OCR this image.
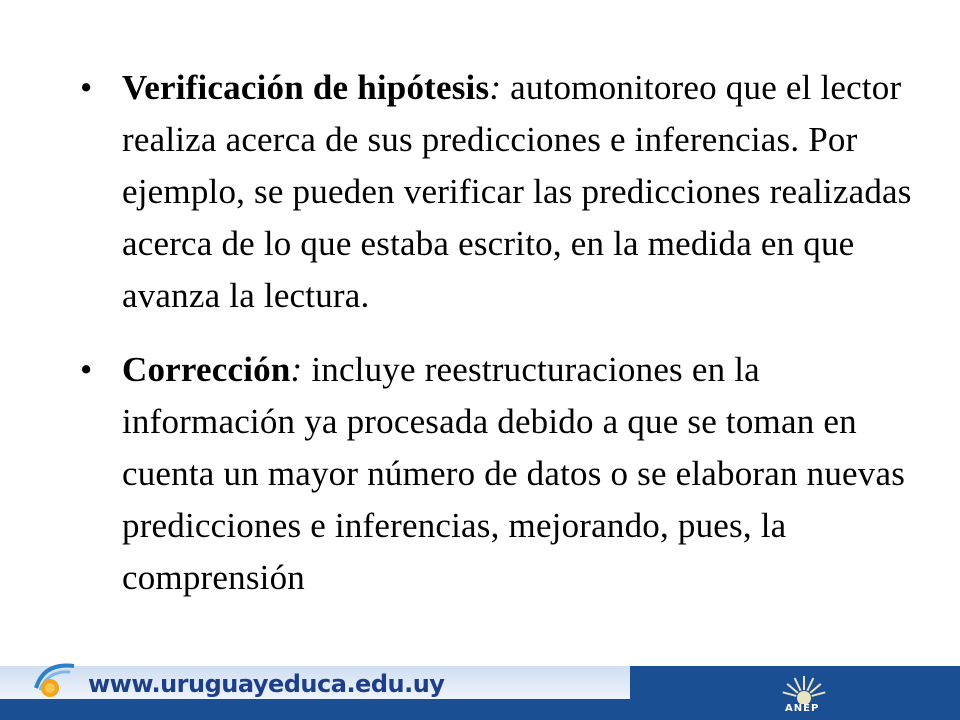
• Verificación de hipótesis: automonitoreo que el lector realiza acerca de sus predicciones e inferencias. Por ejemplo, se pueden verificar las predicciones realizadas acerca de lo que estaba escrito, en la medida en que avanza la lectura.
• Corrección: incluye reestructuraciones en la información ya procesada debido a que se toman en cuenta un mayor número de datos o se elaboran nuevas predicciones e inferencias, mejorando, pues, la comprensión
www.uruguayeduca.edu.uy
ANEP
